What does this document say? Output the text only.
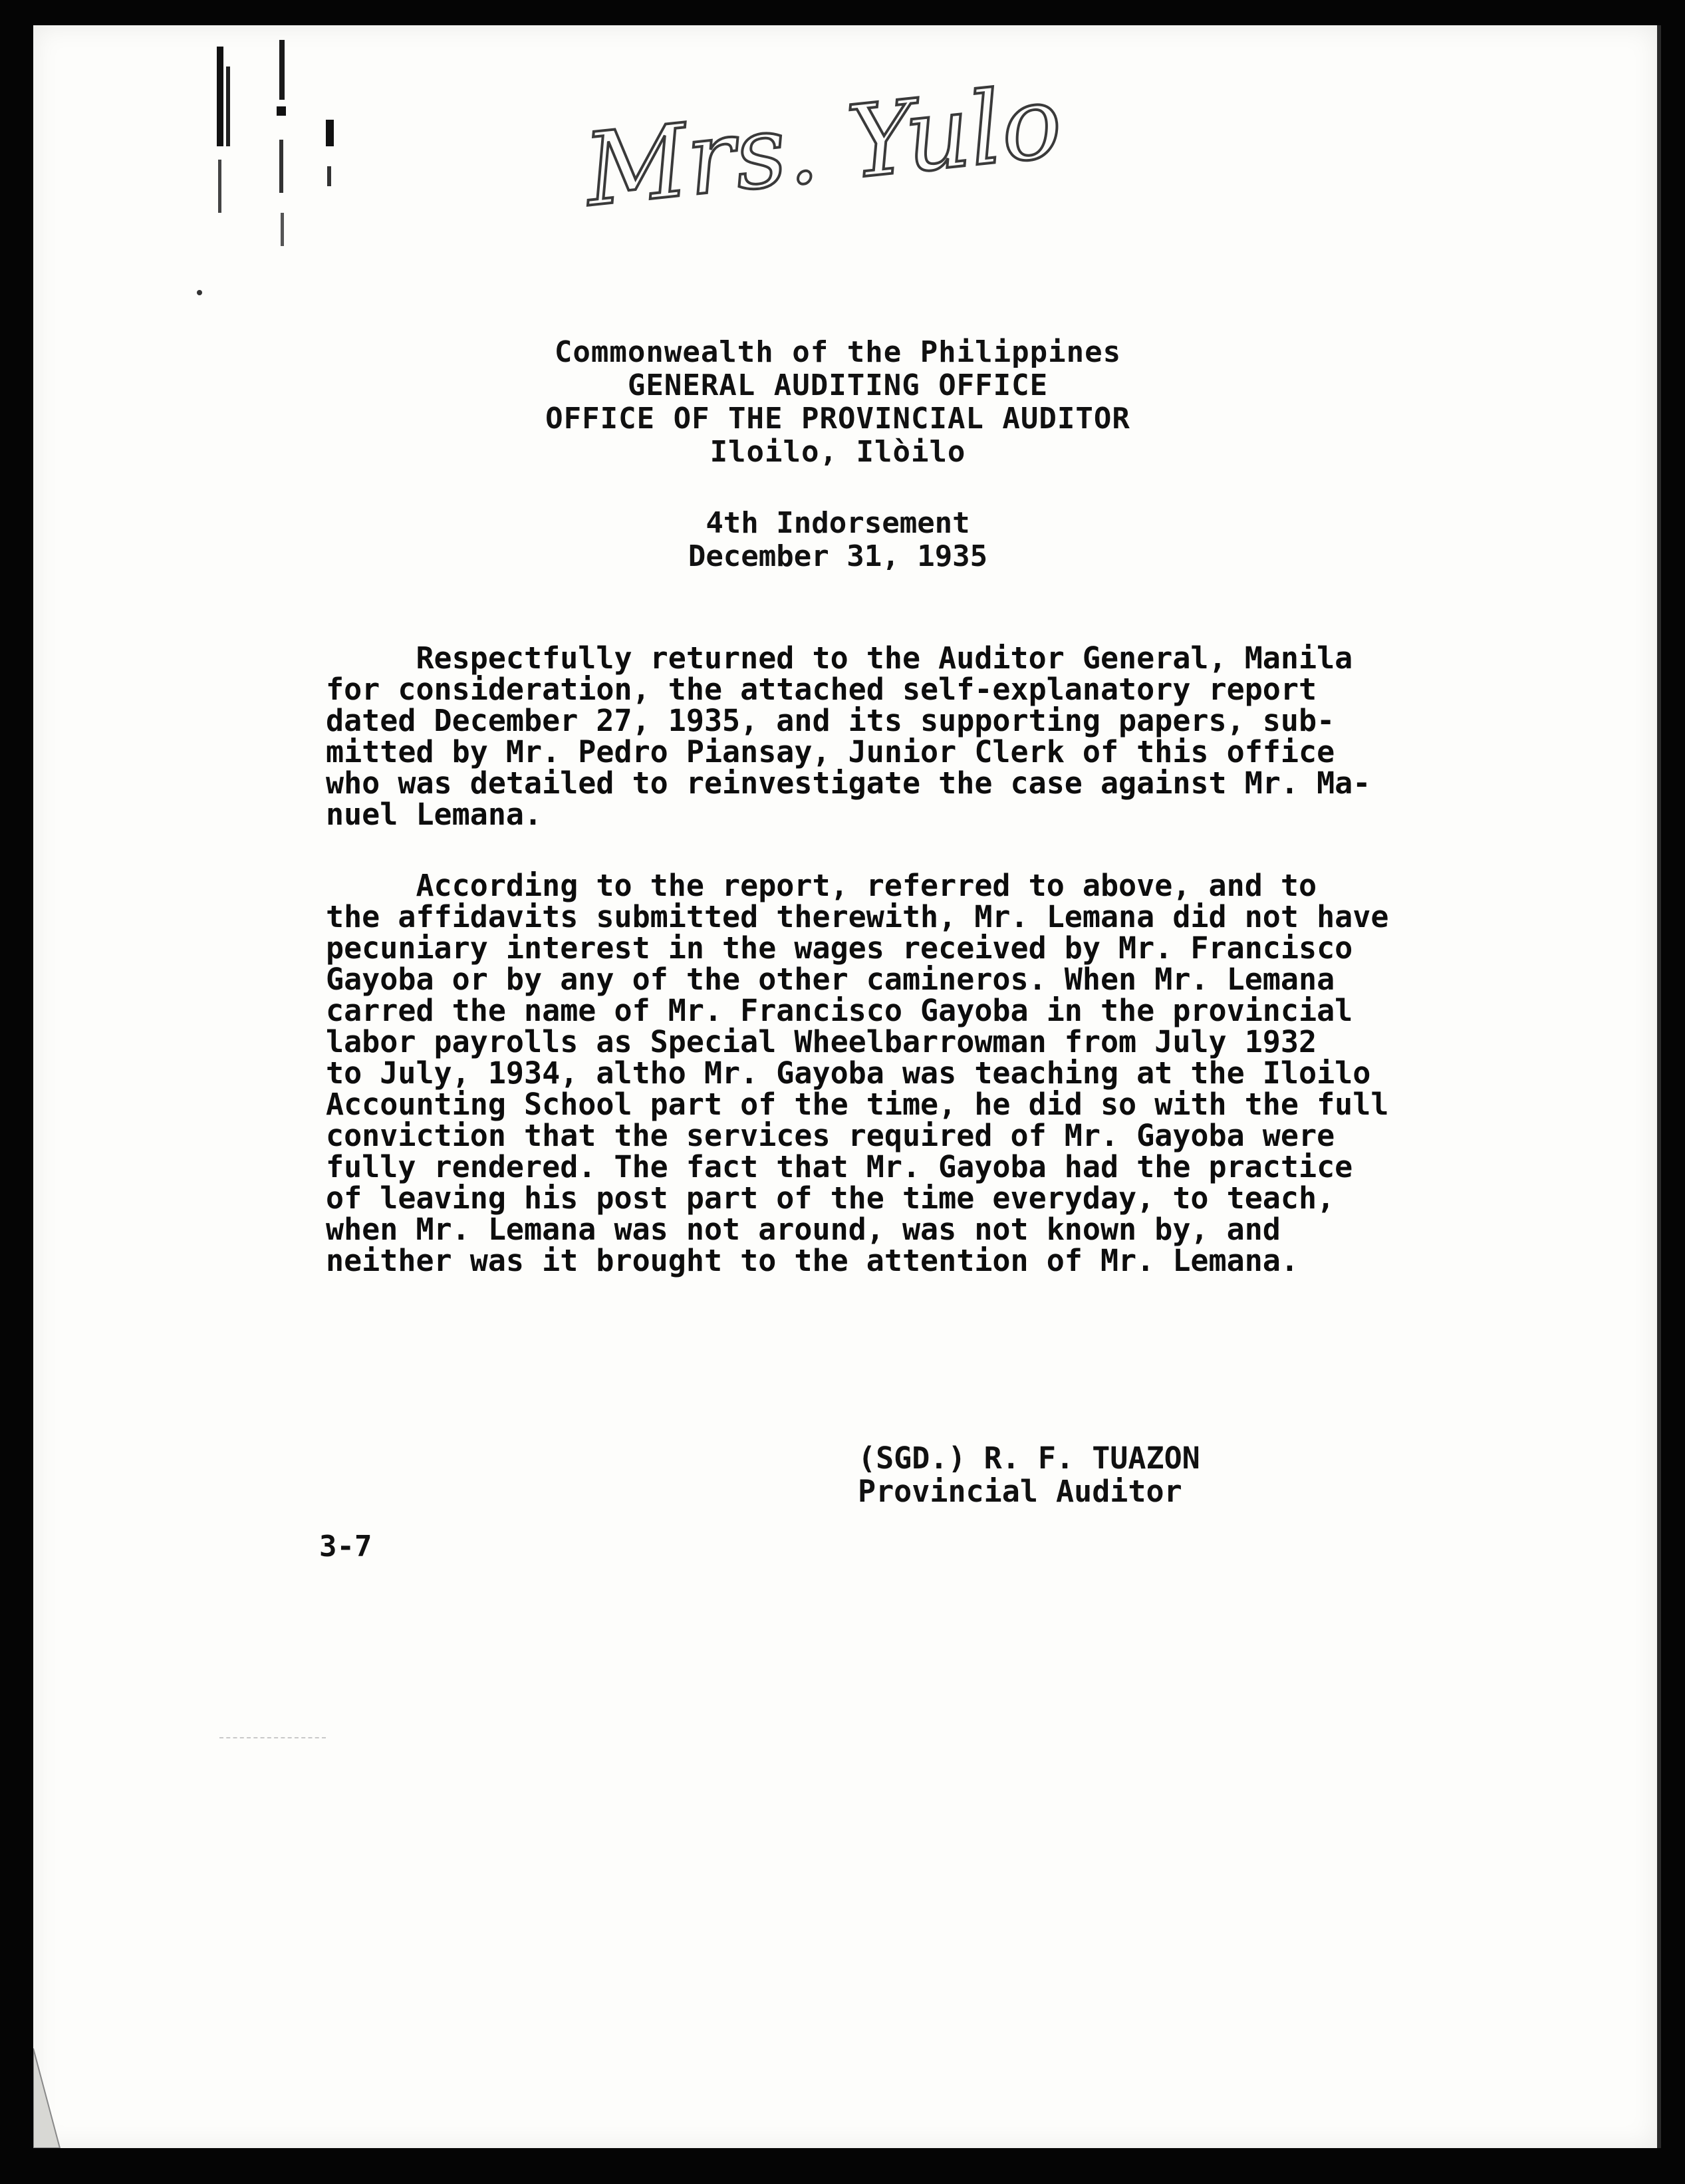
Mrs. Yulo
Commonwealth of the Philippines
GENERAL AUDITING OFFICE
OFFICE OF THE PROVINCIAL AUDITOR
Iloilo, Ilòilo
4th Indorsement
December 31, 1935
Respectfully returned to the Auditor General, Manila
for consideration, the attached self-explanatory report
dated December 27, 1935, and its supporting papers, sub-
mitted by Mr. Pedro Piansay, Junior Clerk of this office
who was detailed to reinvestigate the case against Mr. Ma-
nuel Lemana.
According to the report, referred to above, and to
the affidavits submitted therewith, Mr. Lemana did not have
pecuniary interest in the wages received by Mr. Francisco
Gayoba or by any of the other camineros. When Mr. Lemana
carred the name of Mr. Francisco Gayoba in the provincial
labor payrolls as Special Wheelbarrowman from July 1932
to July, 1934, altho Mr. Gayoba was teaching at the Iloilo
Accounting School part of the time, he did so with the full
conviction that the services required of Mr. Gayoba were
fully rendered. The fact that Mr. Gayoba had the practice
of leaving his post part of the time everyday, to teach,
when Mr. Lemana was not around, was not known by, and
neither was it brought to the attention of Mr. Lemana.
(SGD.) R. F. TUAZON
Provincial Auditor
3-7
